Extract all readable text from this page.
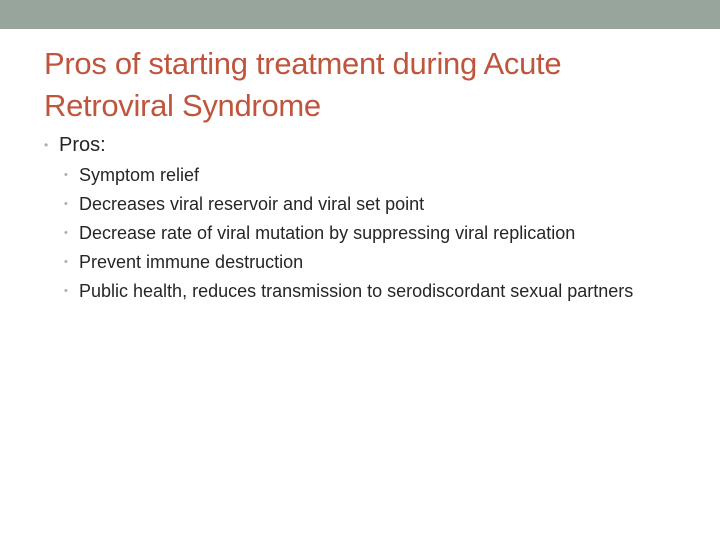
Pros of starting treatment during Acute Retroviral Syndrome
• Pros:
• Symptom relief
• Decreases viral reservoir and viral set point
• Decrease rate of viral mutation by suppressing viral replication
• Prevent immune destruction
• Public health, reduces transmission to serodiscordant sexual partners
